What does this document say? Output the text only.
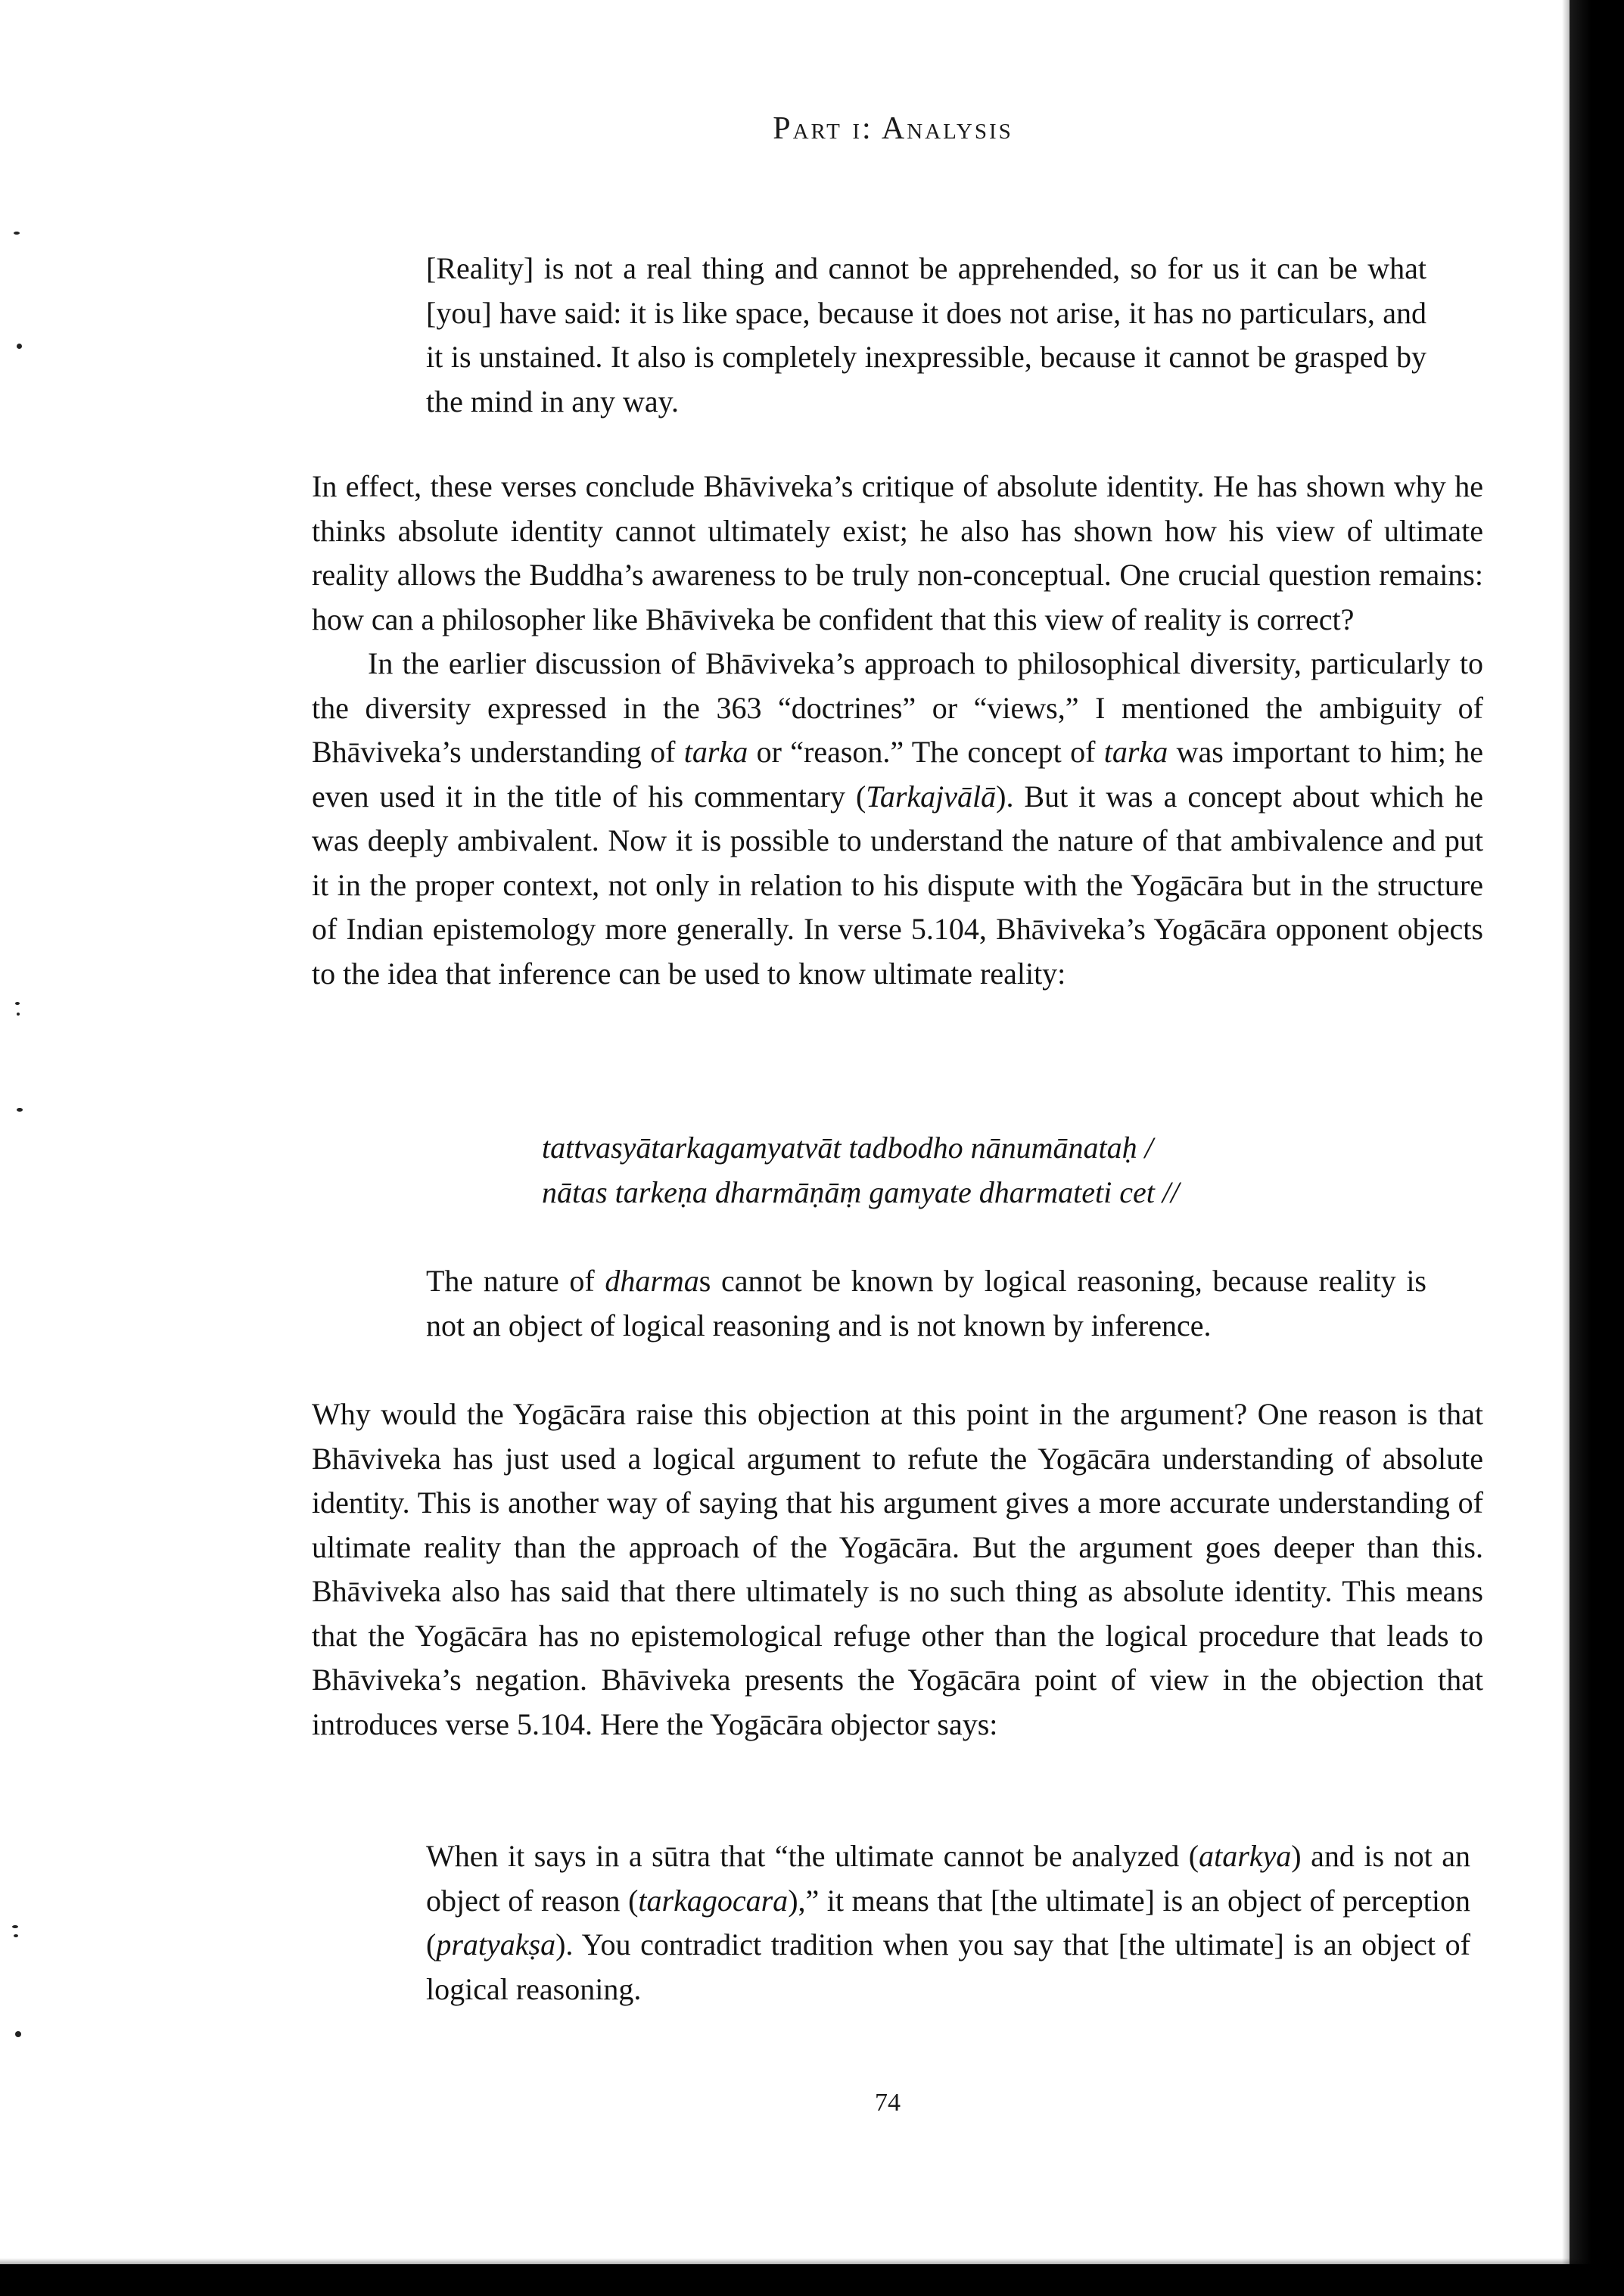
Part i: Analysis

[Reality] is not a real thing and cannot be apprehended, so for us it can be what [you] have said: it is like space, because it does not arise, it has no particulars, and it is unstained. It also is completely inexpressible, because it cannot be grasped by the mind in any way.

In effect, these verses conclude Bhāviveka’s critique of absolute identity. He has shown why he thinks absolute identity cannot ultimately exist; he also has shown how his view of ultimate reality allows the Buddha’s awareness to be truly non-conceptual. One crucial question remains: how can a philosopher like Bhāviveka be confident that this view of reality is correct?

In the earlier discussion of Bhāviveka’s approach to philosophical diversity, particularly to the diversity expressed in the 363 “doctrines” or “views,” I mentioned the ambiguity of Bhāviveka’s understanding of tarka or “reason.” The concept of tarka was important to him; he even used it in the title of his commentary (Tarkajvālā). But it was a concept about which he was deeply ambivalent. Now it is possible to understand the nature of that ambivalence and put it in the proper context, not only in relation to his dispute with the Yogācāra but in the structure of Indian epistemology more generally. In verse 5.104, Bhāviveka’s Yogācāra opponent objects to the idea that inference can be used to know ultimate reality:

tattvasyātarkagamyatvāt tadbodho nānumānataḥ /

nātas tarkeṇa dharmāṇāṃ gamyate dharmateti cet //

The nature of dharmas cannot be known by logical reasoning, because reality is not an object of logical reasoning and is not known by inference.

Why would the Yogācāra raise this objection at this point in the argument? One reason is that Bhāviveka has just used a logical argument to refute the Yogācāra understanding of absolute identity. This is another way of saying that his argument gives a more accurate understanding of ultimate reality than the approach of the Yogācāra. But the argument goes deeper than this. Bhāviveka also has said that there ultimately is no such thing as absolute identity. This means that the Yogācāra has no epistemological refuge other than the logical procedure that leads to Bhāviveka’s negation. Bhāviveka presents the Yogācāra point of view in the objection that introduces verse 5.104. Here the Yogācāra objector says:

When it says in a sūtra that “the ultimate cannot be analyzed (atarkya) and is not an object of reason (tarkagocara),” it means that [the ultimate] is an object of perception (pratyakṣa). You contradict tradition when you say that [the ultimate] is an object of logical reasoning.

74
